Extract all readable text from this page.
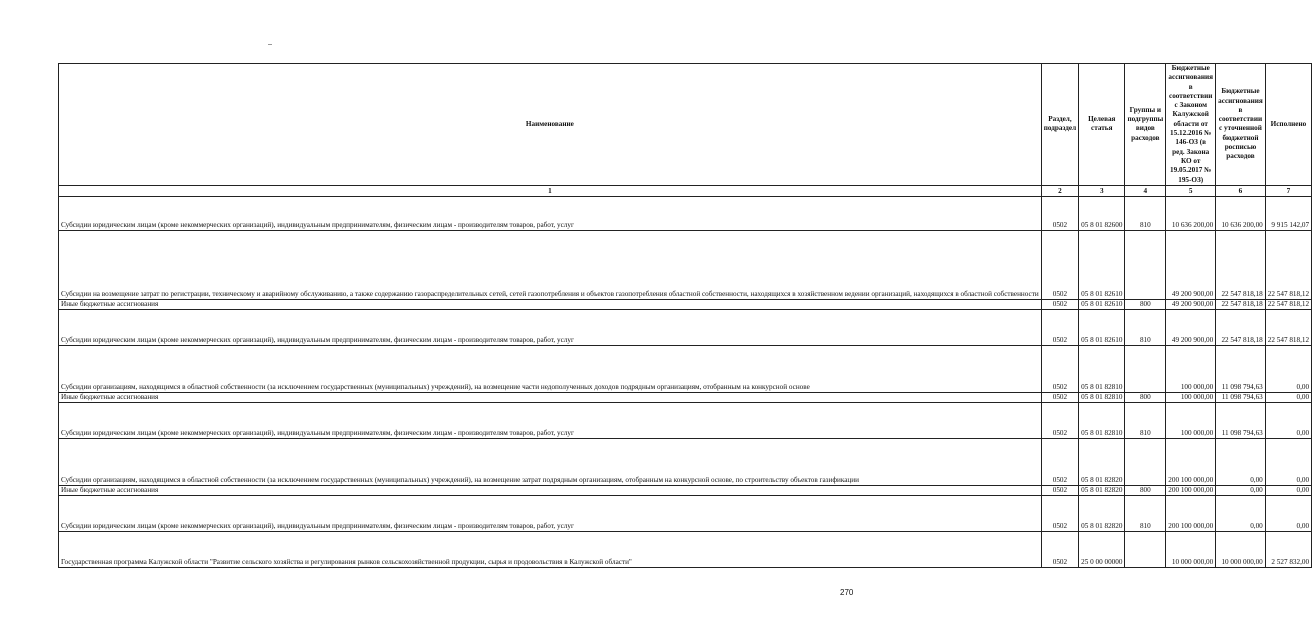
Наименование	Раздел, подраздел	Целевая статья	Группы и подгруппы видов расходов	Бюджетные ассигнования в соответствии с Законом Калужской области от 15.12.2016 № 146-ОЗ (в ред. Закона КО от 19.05.2017 № 195-ОЗ)	Бюджетные ассигнования в соответствии с уточненной бюджетной росписью расходов	Исполнено
1	2	3	4	5	6	7
Субсидии юридическим лицам (кроме некоммерческих организаций), индивидуальным предпринимателям, физическим лицам - производителям товаров, работ, услуг	0502	05 8 01 82600	810	10 636 200,00	10 636 200,00	9 915 142,07
Субсидии на возмещение затрат по регистрации, техническому и аварийному обслуживанию, а также содержанию газораспределительных сетей, сетей газопотребления и объектов газопотребления областной собственности, находящихся в хозяйственном ведении организаций, находящихся в областной собственности	0502	05 8 01 82610		49 200 900,00	22 547 818,18	22 547 818,12
Иные бюджетные ассигнования	0502	05 8 01 82610	800	49 200 900,00	22 547 818,18	22 547 818,12
Субсидии юридическим лицам (кроме некоммерческих организаций), индивидуальным предпринимателям, физическим лицам - производителям товаров, работ, услуг	0502	05 8 01 82610	810	49 200 900,00	22 547 818,18	22 547 818,12
Субсидии организациям, находящимся в областной собственности (за исключением государственных (муниципальных) учреждений), на возмещение части недополученных доходов подрядным организациям, отобранным на конкурсной основе	0502	05 8 01 82810		100 000,00	11 098 794,63	0,00
Иные бюджетные ассигнования	0502	05 8 01 82810	800	100 000,00	11 098 794,63	0,00
Субсидии юридическим лицам (кроме некоммерческих организаций), индивидуальным предпринимателям, физическим лицам - производителям товаров, работ, услуг	0502	05 8 01 82810	810	100 000,00	11 098 794,63	0,00
Субсидии организациям, находящимся в областной собственности (за исключением государственных (муниципальных) учреждений), на возмещение затрат подрядным организациям, отобранным на конкурсной основе, по строительству объектов газификации	0502	05 8 01 82820		200 100 000,00	0,00	0,00
Иные бюджетные ассигнования	0502	05 8 01 82820	800	200 100 000,00	0,00	0,00
Субсидии юридическим лицам (кроме некоммерческих организаций), индивидуальным предпринимателям, физическим лицам - производителям товаров, работ, услуг	0502	05 8 01 82820	810	200 100 000,00	0,00	0,00
Государственная программа Калужской области "Развитие сельского хозяйства и регулирования рынков сельскохозяйственной продукции, сырья и продовольствия в Калужской области"	0502	25 0 00 00000		10 000 000,00	10 000 000,00	2 527 832,00
270
